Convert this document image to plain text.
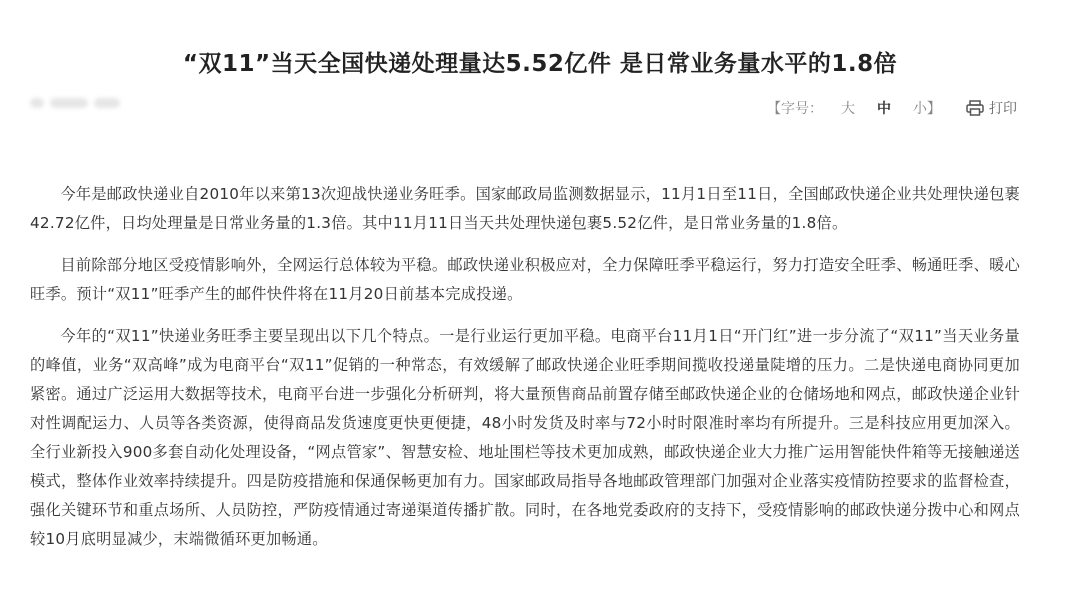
“双11”当天全国快递处理量达5.52亿件 是日常业务量水平的1.8倍
【字号： 大 中 小】	打印

今年是邮政快递业自2010年以来第13次迎战快递业务旺季。国家邮政局监测数据显示，11月1日至11日，全国邮政快递企业共处理快递包裹42.72亿件，日均处理量是日常业务量的1.3倍。其中11月11日当天共处理快递包裹5.52亿件，是日常业务量的1.8倍。

目前除部分地区受疫情影响外，全网运行总体较为平稳。邮政快递业积极应对，全力保障旺季平稳运行，努力打造安全旺季、畅通旺季、暖心旺季。预计“双11”旺季产生的邮件快件将在11月20日前基本完成投递。

今年的“双11”快递业务旺季主要呈现出以下几个特点。一是行业运行更加平稳。电商平台11月1日“开门红”进一步分流了“双11”当天业务量的峰值，业务“双高峰”成为电商平台“双11”促销的一种常态，有效缓解了邮政快递企业旺季期间揽收投递量陡增的压力。二是快递电商协同更加紧密。通过广泛运用大数据等技术，电商平台进一步强化分析研判，将大量预售商品前置存储至邮政快递企业的仓储场地和网点，邮政快递企业针对性调配运力、人员等各类资源，使得商品发货速度更快更便捷，48小时发货及时率与72小时时限准时率均有所提升。三是科技应用更加深入。全行业新投入900多套自动化处理设备，“网点管家”、智慧安检、地址围栏等技术更加成熟，邮政快递企业大力推广运用智能快件箱等无接触递送模式，整体作业效率持续提升。四是防疫措施和保通保畅更加有力。国家邮政局指导各地邮政管理部门加强对企业落实疫情防控要求的监督检查，强化关键环节和重点场所、人员防控，严防疫情通过寄递渠道传播扩散。同时，在各地党委政府的支持下，受疫情影响的邮政快递分拨中心和网点较10月底明显减少，末端微循环更加畅通。
